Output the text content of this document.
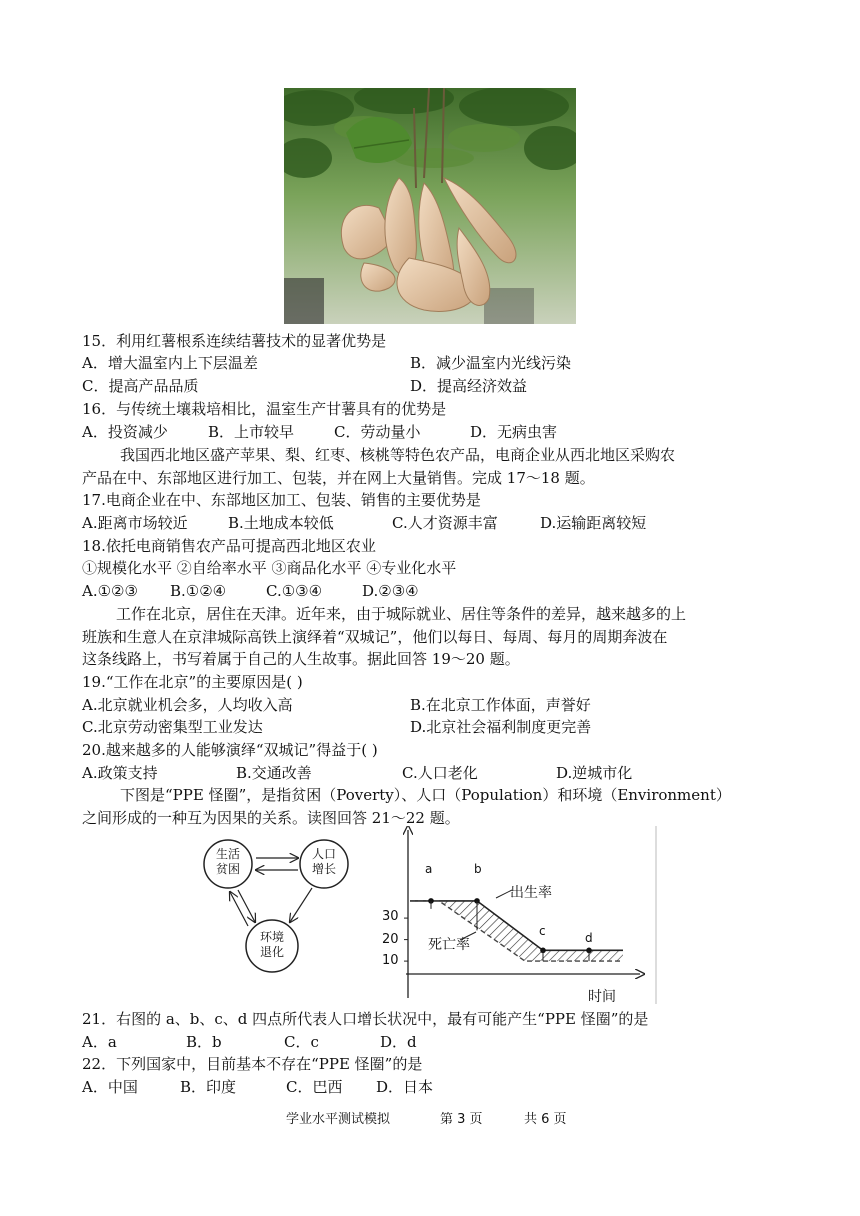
15．利用红薯根系连续结薯技术的显著优势是
A．增大温室内上下层温差	B．减少温室内光线污染
C．提高产品品质	D．提高经济效益
16．与传统土壤栽培相比，温室生产甘薯具有的优势是
A．投资减少	B．上市较早	C．劳动量小	D．无病虫害
我国西北地区盛产苹果、梨、红枣、核桃等特色农产品，电商企业从西北地区采购农
产品在中、东部地区进行加工、包装，并在网上大量销售。完成 17～18 题。
17.电商企业在中、东部地区加工、包装、销售的主要优势是
A.距离市场较近	B.土地成本较低	C.人才资源丰富	D.运输距离较短
18.依托电商销售农产品可提高西北地区农业
①规模化水平 ②自给率水平 ③商品化水平 ④专业化水平
A.①②③ B.①②④	C.①③④	D.②③④
工作在北京，居住在天津。近年来，由于城际就业、居住等条件的差异，越来越多的上
班族和生意人在京津城际高铁上演绎着“双城记”，他们以每日、每周、每月的周期奔波在
这条线路上，书写着属于自己的人生故事。据此回答 19～20 题。
19.“工作在北京”的主要原因是( )
A.北京就业机会多，人均收入高	B.在北京工作体面，声誉好
C.北京劳动密集型工业发达	D.北京社会福利制度更完善
20.越来越多的人能够演绎“双城记”得益于( )
A.政策支持	B.交通改善	C.人口老化	D.逆城市化
下图是“PPE 怪圈”，是指贫困（Poverty）、人口（Population）和环境（Environment）
之间形成的一种互为因果的关系。读图回答 21～22 题。
生活
贫困
人口
增长
环境
退化
出生率
死亡率
时间
30
20
10
a	b
c	d
21．右图的 a、b、c、d 四点所代表人口增长状况中，最有可能产生“PPE 怪圈”的是
A．a	B．b	C．c	D．d
22．下列国家中，目前基本不存在“PPE 怪圈”的是
A．中国	B．印度	C．巴西 D．日本
学业水平测试模拟	第 3 页	共 6 页
